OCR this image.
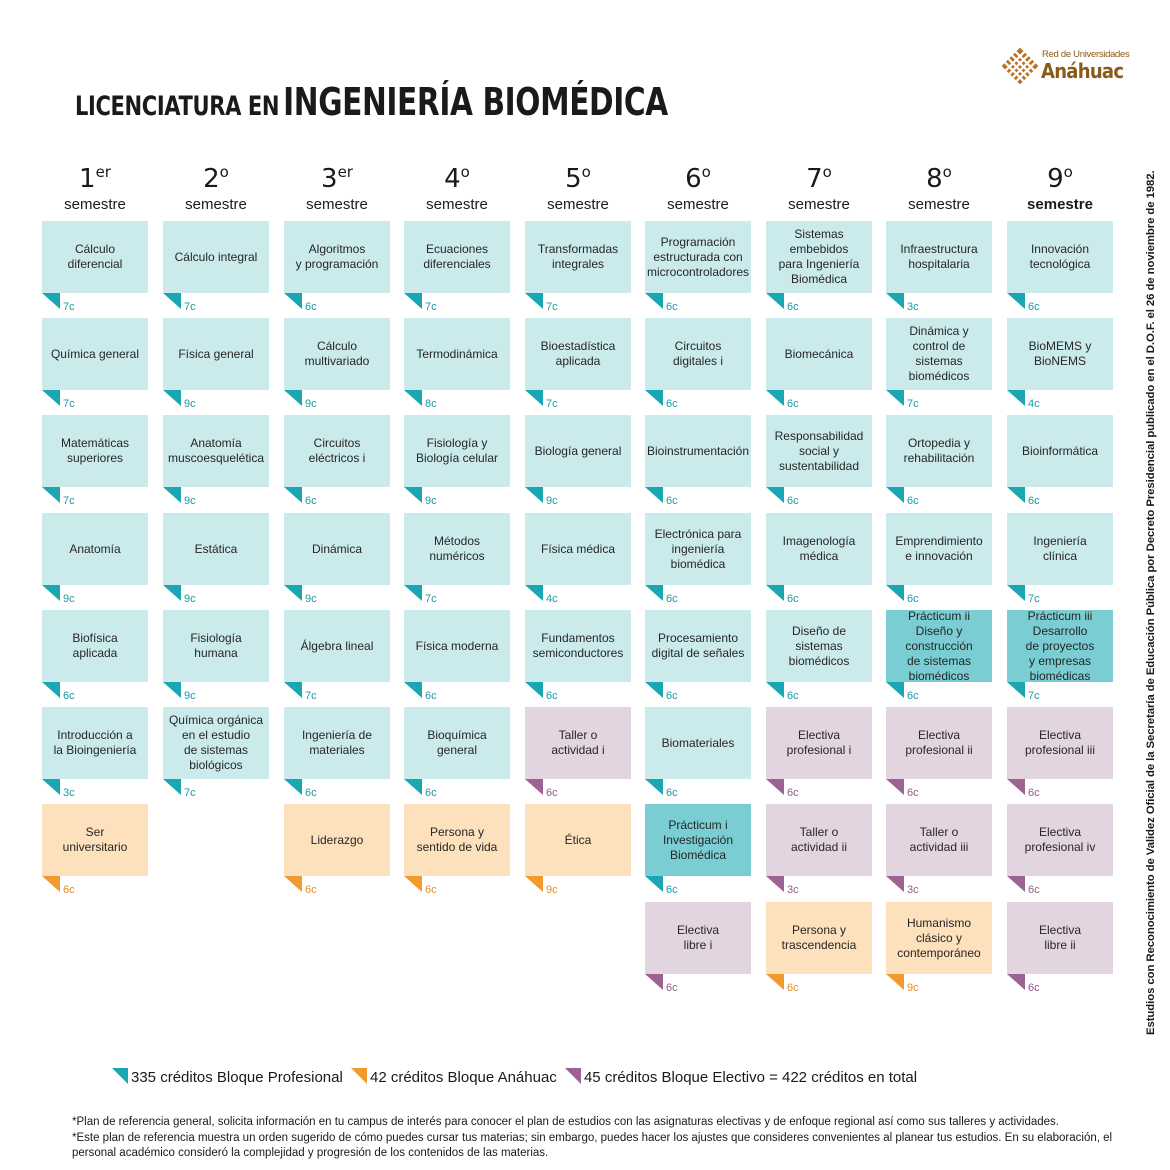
LICENCIATURA EN INGENIERÍA BIOMÉDICA
Red de Universidades
Anáhuac
1er
semestre
Cálculo
diferencial
7c
Química general
7c
Matemáticas
superiores
7c
Anatomía
9c
Biofísica
aplicada
6c
Introducción a
la Bioingeniería
3c
Ser
universitario
6c
2$^o$
semestre
Cálculo integral
7c
Física general
9c
Anatomía
muscoesquelética
9c
Estática
9c
Fisiología
humana
9c
Química orgánica
en el estudio
de sistemas
biológicos
7c
3er
semestre
Algoritmos
y programación
6c
Cálculo
multivariado
9c
Circuitos
eléctricos i
6c
Dinámica
9c
Álgebra lineal
7c
Ingeniería de
materiales
6c
Liderazgo
6c
4$^o$
semestre
Ecuaciones
diferenciales
7c
Termodinámica
8c
Fisiología y
Biología celular
9c
Métodos
numéricos
7c
Física moderna
6c
Bioquímica
general
6c
Persona y
sentido de vida
6c
5$^o$
semestre
Transformadas
integrales
7c
Bioestadística
aplicada
7c
Biología general
9c
Física médica
4c
Fundamentos
semiconductores
6c
Taller o
actividad i
6c
Ética
9c
6$^o$
semestre
Programación
estructurada con
microcontroladores
6c
Circuitos
digitales i
6c
Bioinstrumentación
6c
Electrónica para
ingeniería
biomédica
6c
Procesamiento
digital de señales
6c
Biomateriales
6c
Prácticum i
Investigación
Biomédica
6c
Electiva
libre i
6c
7$^o$
semestre
Sistemas
embebidos
para Ingeniería
Biomédica
6c
Biomecánica
6c
Responsabilidad
social y
sustentabilidad
6c
Imagenología
médica
6c
Diseño de
sistemas
biomédicos
6c
Electiva
profesional i
6c
Taller o
actividad ii
3c
Persona y
trascendencia
6c
8$^o$
semestre
Infraestructura
hospitalaria
3c
Dinámica y
control de
sistemas
biomédicos
7c
Ortopedia y
rehabilitación
6c
Emprendimiento
e innovación
6c
Prácticum ii
Diseño y
construcción
de sistemas
biomédicos
6c
Electiva
profesional ii
6c
Taller o
actividad iii
3c
Humanismo
clásico y
contemporáneo
9c
9$^o$
semestre
Innovación
tecnológica
6c
BioMEMS y
BioNEMS
4c
Bioinformática
6c
Ingeniería
clínica
7c
Prácticum iii
Desarrollo
de proyectos
y empresas
biomédicas
7c
Electiva
profesional iii
6c
Electiva
profesional iv
6c
Electiva
libre ii
6c
335 créditos Bloque Profesional 42 créditos Bloque Anáhuac 45 créditos Bloque Electivo = 422 créditos en total
*Plan de referencia general, solicita información en tu campus de interés para conocer el plan de estudios con las asignaturas electivas y de enfoque regional así como sus talleres y actividades.
*Este plan de referencia muestra un orden sugerido de cómo puedes cursar tus materias; sin embargo, puedes hacer los ajustes que consideres convenientes al planear tus estudios. En su elaboración, el personal académico consideró la complejidad y progresión de los contenidos de las materias.
Estudios con Reconocimiento de Validez Oficial de la Secretaría de Educación Pública por Decreto Presidencial publicado en el D.O.F. el 26 de noviembre de 1982.
